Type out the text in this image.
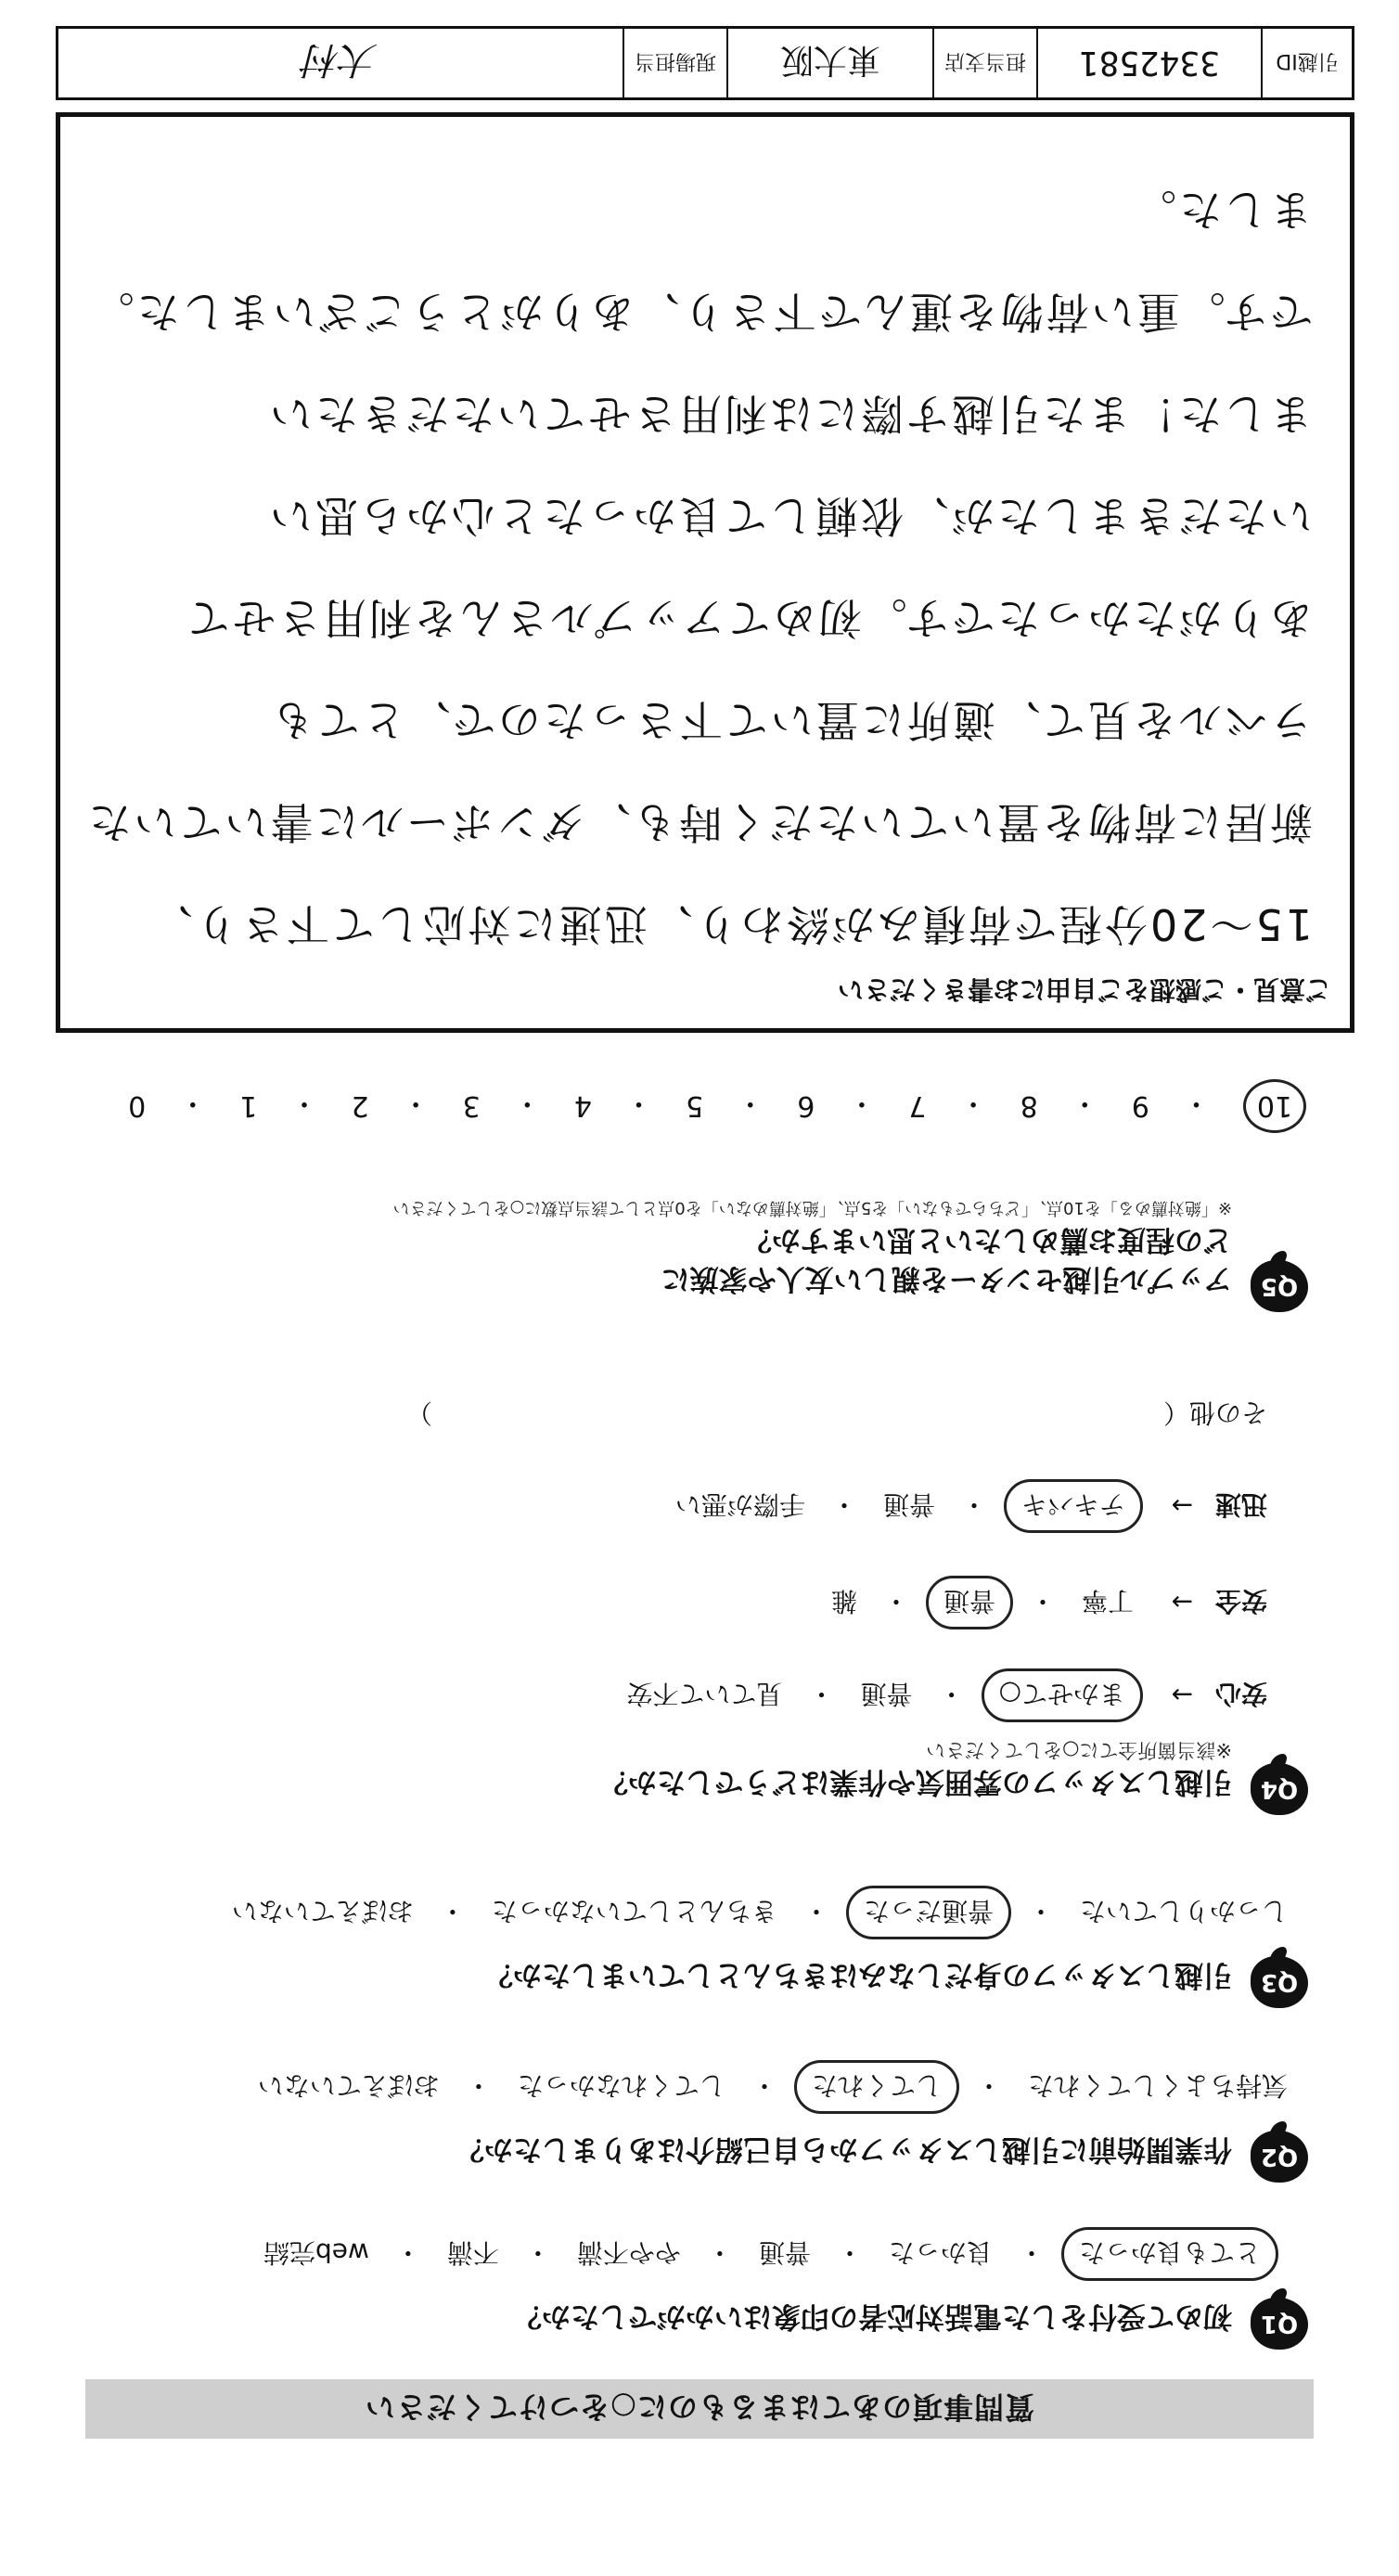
質問事項のあてはまるものに○をつけてください
Q1
初めて受付をした電話対応者の印象はいかがでしたか？
とても良かった
・
良かった
・
普通
・
やや不満
・
不満
・
web完結
Q2
作業開始前に引越しスタッフから自己紹介はありましたか？
気持ちよくしてくれた
・
してくれた
・
してくれなかった
・
おぼえていない
Q3
引越しスタッフの身だしなみはきちんとしていましたか？
しっかりしていた
・
普通だった
・
きちんとしていなかった
・
おぼえていない
Q4
引越しスタッフの雰囲気や作業はどうでしたか？
※該当箇所全てに○をしてください
安心
→
まかせて○
・
普通
・
見ていて不安
安全
→
丁寧
・
普通
・
雑
迅速
→
テキパキ
・
普通
・
手際が悪い
その他（
）
Q5
アップル引越センターを親しい友人や家族に
どの程度お薦めしたいと思いますか？
※「絶対薦める」を10点、「どちらでもない」を5点、「絶対薦めない」を0点として該当点数に○をしてください
10
・
9
・
8
・
7
・
6
・
5
・
4
・
3
・
2
・
1
・
0
ご意見・ご感想をご自由にお書きください
15～20分程で荷積みが終わり、迅速に対応して下さり、
新居に荷物を置いていただく時も、ダンボールに書いていた
ラベルを見て、適所に置いて下さったので、とても
ありがたかったです。初めてアップルさんを利用させて
いただきましたが、依頼して良かったと心から思い
ました！また引越す際には利用させていただきたい
です。重い荷物を運んで下さり、ありがとうございました。
ました。
引越ID
3342581
担当支店
東大阪
現場担当
大村
